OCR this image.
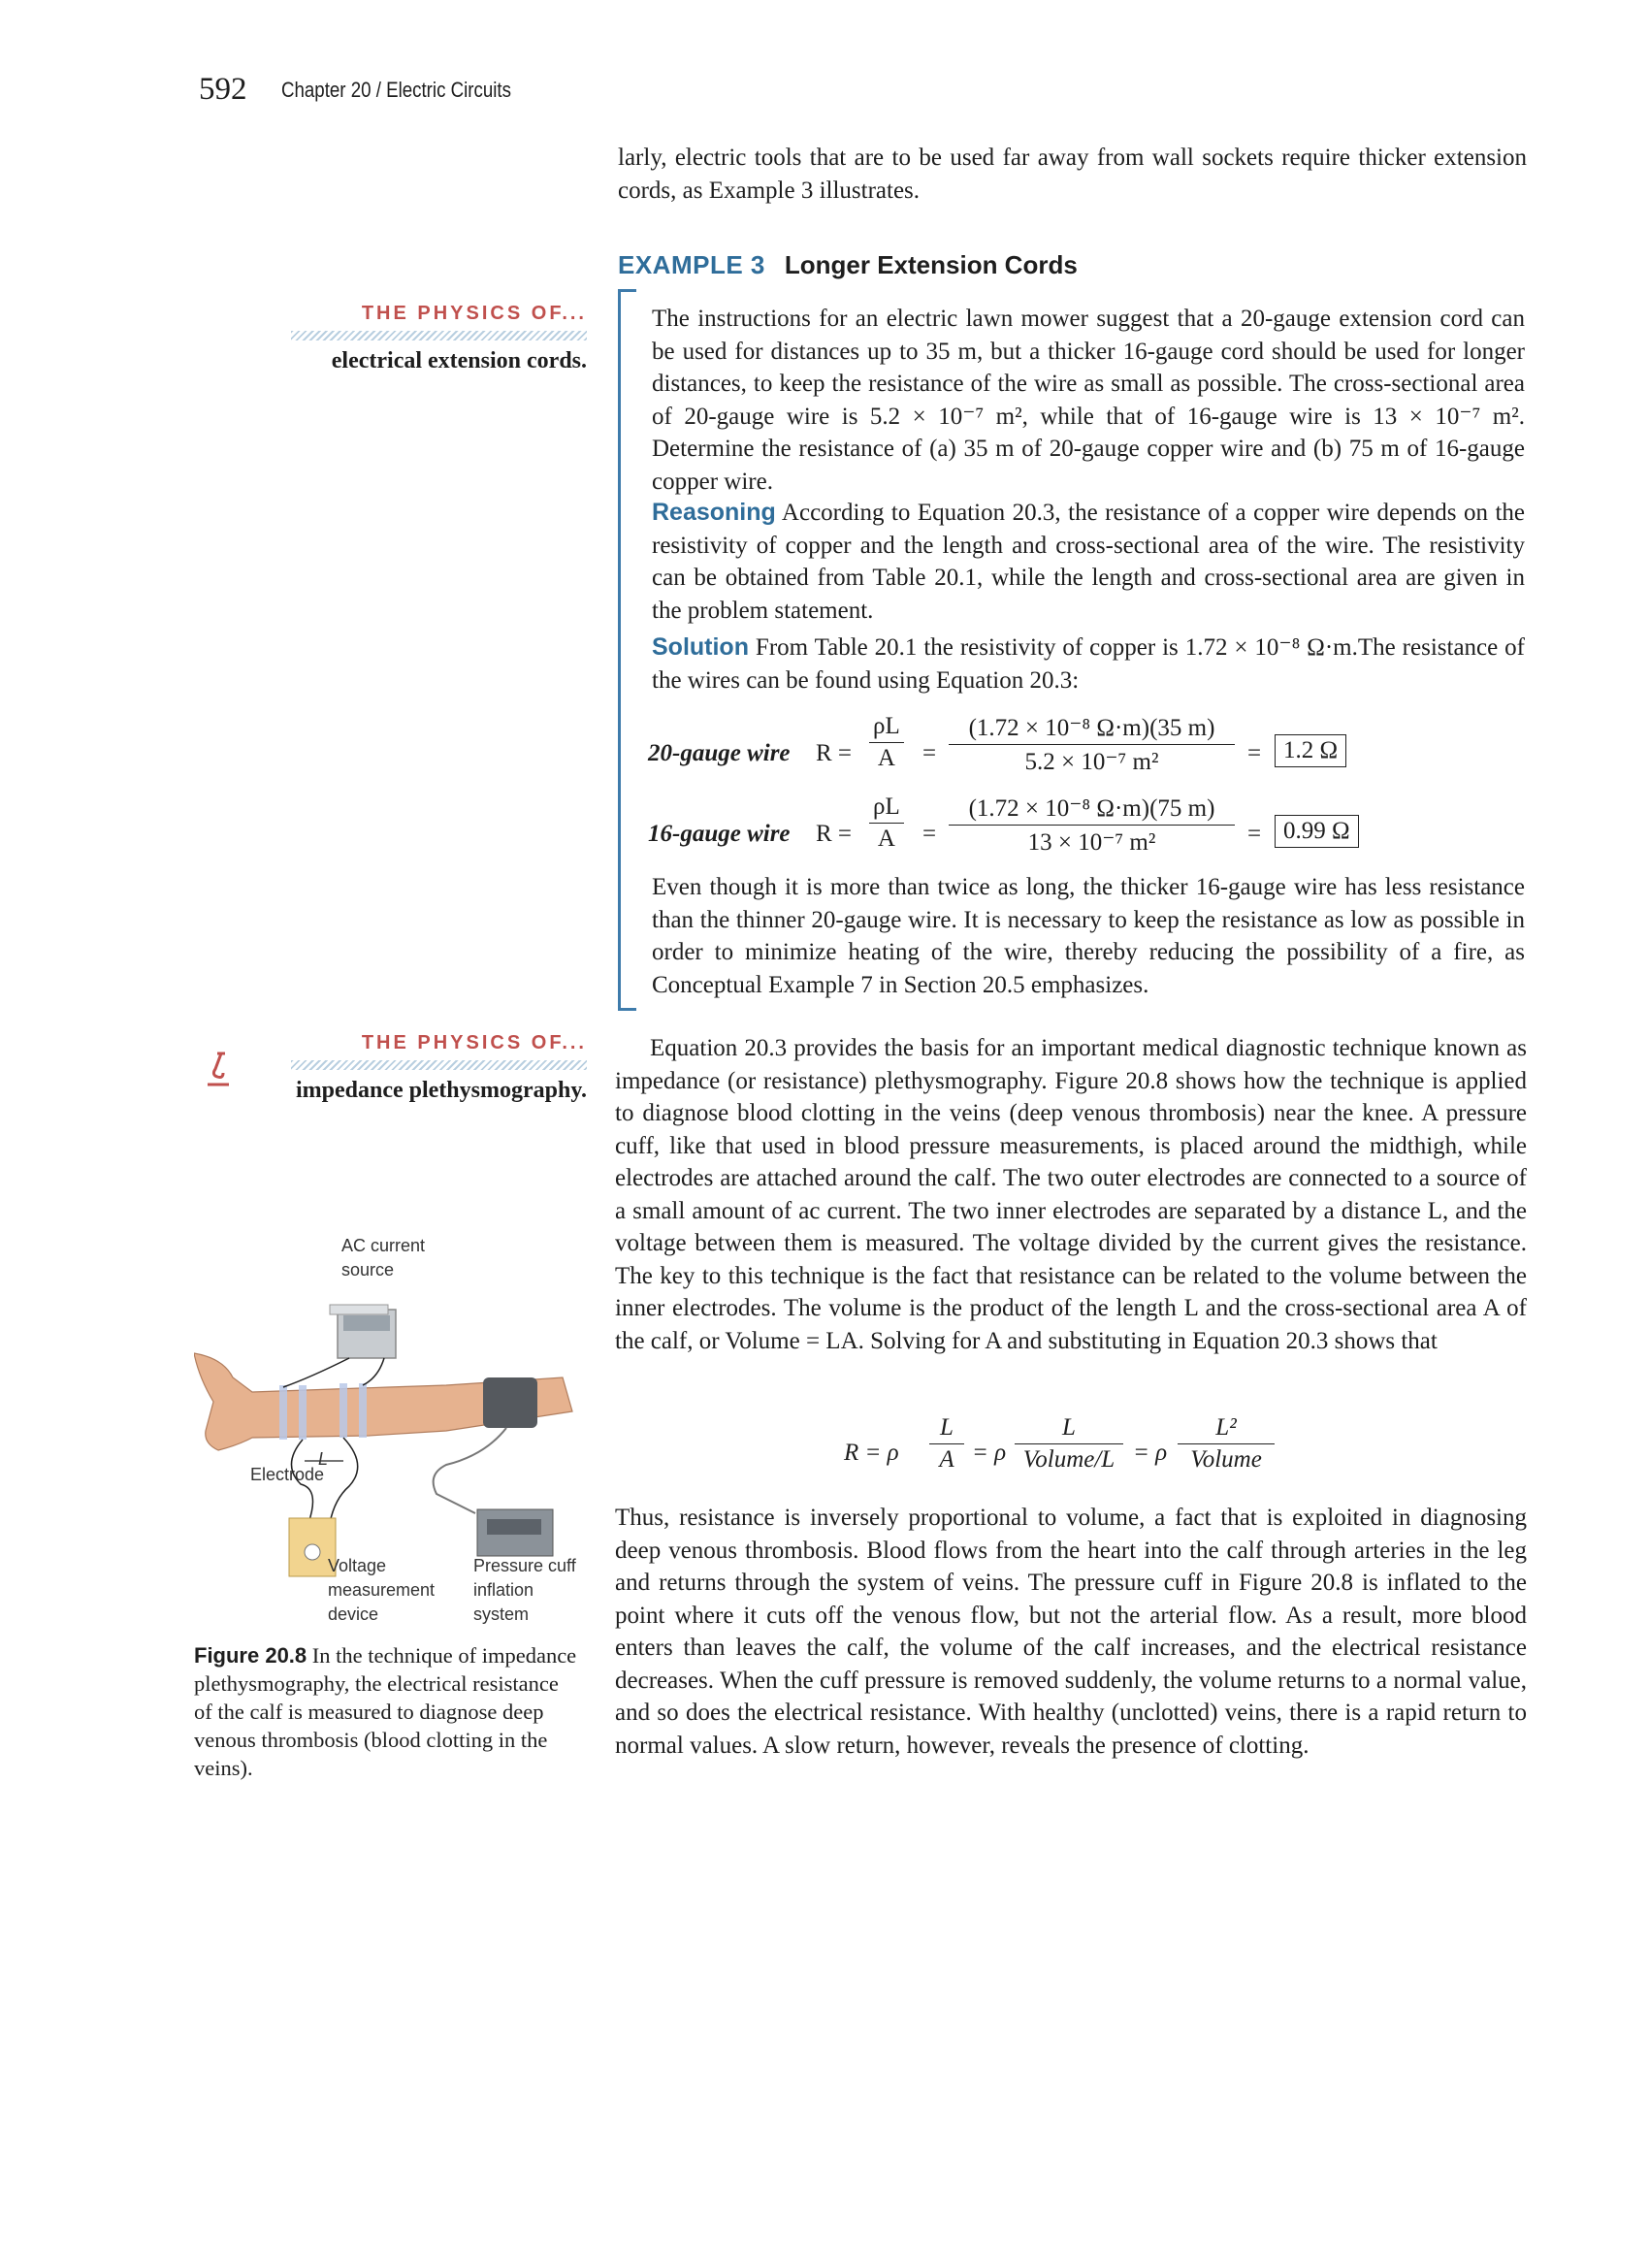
592 Chapter 20 / Electric Circuits
larly, electric tools that are to be used far away from wall sockets require thicker extension cords, as Example 3 illustrates.
EXAMPLE 3 Longer Extension Cords
The instructions for an electric lawn mower suggest that a 20-gauge extension cord can be used for distances up to 35 m, but a thicker 16-gauge cord should be used for longer distances, to keep the resistance of the wire as small as possible. The cross-sectional area of 20-gauge wire is 5.2 × 10⁻⁷ m², while that of 16-gauge wire is 13 × 10⁻⁷ m². Determine the resistance of (a) 35 m of 20-gauge copper wire and (b) 75 m of 16-gauge copper wire.
Reasoning According to Equation 20.3, the resistance of a copper wire depends on the resistivity of copper and the length and cross-sectional area of the wire. The resistivity can be obtained from Table 20.1, while the length and cross-sectional area are given in the problem statement.
Solution From Table 20.1 the resistivity of copper is 1.72 × 10⁻⁸ Ω·m.The resistance of the wires can be found using Equation 20.3:
20-gauge wire $R = \frac{\rho L}{A} = \frac{\text{(1.72 × 10⁻⁸ Ω·m)(35 m)}}{\text{5.2 × 10⁻⁷ m²}} = 1.2$ Ω
16-gauge wire $R = \frac{\rho L}{A} = \frac{\text{(1.72 × 10⁻⁸ Ω·m)(75 m)}}{\text{13 × 10⁻⁷ m²}} = 0.99$ Ω
Even though it is more than twice as long, the thicker 16-gauge wire has less resistance than the thinner 20-gauge wire. It is necessary to keep the resistance as low as possible in order to minimize heating of the wire, thereby reducing the possibility of a fire, as Conceptual Example 7 in Section 20.5 emphasizes.
THE PHYSICS OF...
electrical extension cords.
THE PHYSICS OF...
impedance plethysmography.
Equation 20.3 provides the basis for an important medical diagnostic technique known as impedance (or resistance) plethysmography. Figure 20.8 shows how the technique is applied to diagnose blood clotting in the veins (deep venous thrombosis) near the knee. A pressure cuff, like that used in blood pressure measurements, is placed around the midthigh, while electrodes are attached around the calf. The two outer electrodes are connected to a source of a small amount of ac current. The two inner electrodes are separated by a distance L, and the voltage between them is measured. The voltage divided by the current gives the resistance. The key to this technique is the fact that resistance can be related to the volume between the inner electrodes. The volume is the product of the length L and the cross-sectional area A of the calf, or Volume = LA. Solving for A and substituting in Equation 20.3 shows that
R = ρ $\frac{L}{A} = \rho$
L
Volume/L = ρ
L²
Volume
Thus, resistance is inversely proportional to volume, a fact that is exploited in diagnosing deep venous thrombosis. Blood flows from the heart into the calf through arteries in the leg and returns through the system of veins. The pressure cuff in Figure 20.8 is inflated to the point where it cuts off the venous flow, but not the arterial flow. As a result, more blood enters than leaves the calf, the volume of the calf increases, and the electrical resistance decreases. When the cuff pressure is removed suddenly, the volume returns to a normal value, and so does the electrical resistance. With healthy (unclotted) veins, there is a rapid return to normal values. A slow return, however, reveals the presence of clotting.
AC current source
Electrode
L
Voltage measurement device
Pressure cuff inflation system
Figure 20.8 In the technique of impedance plethysmography, the electrical resistance of the calf is measured to diagnose deep venous thrombosis (blood clotting in the veins).
